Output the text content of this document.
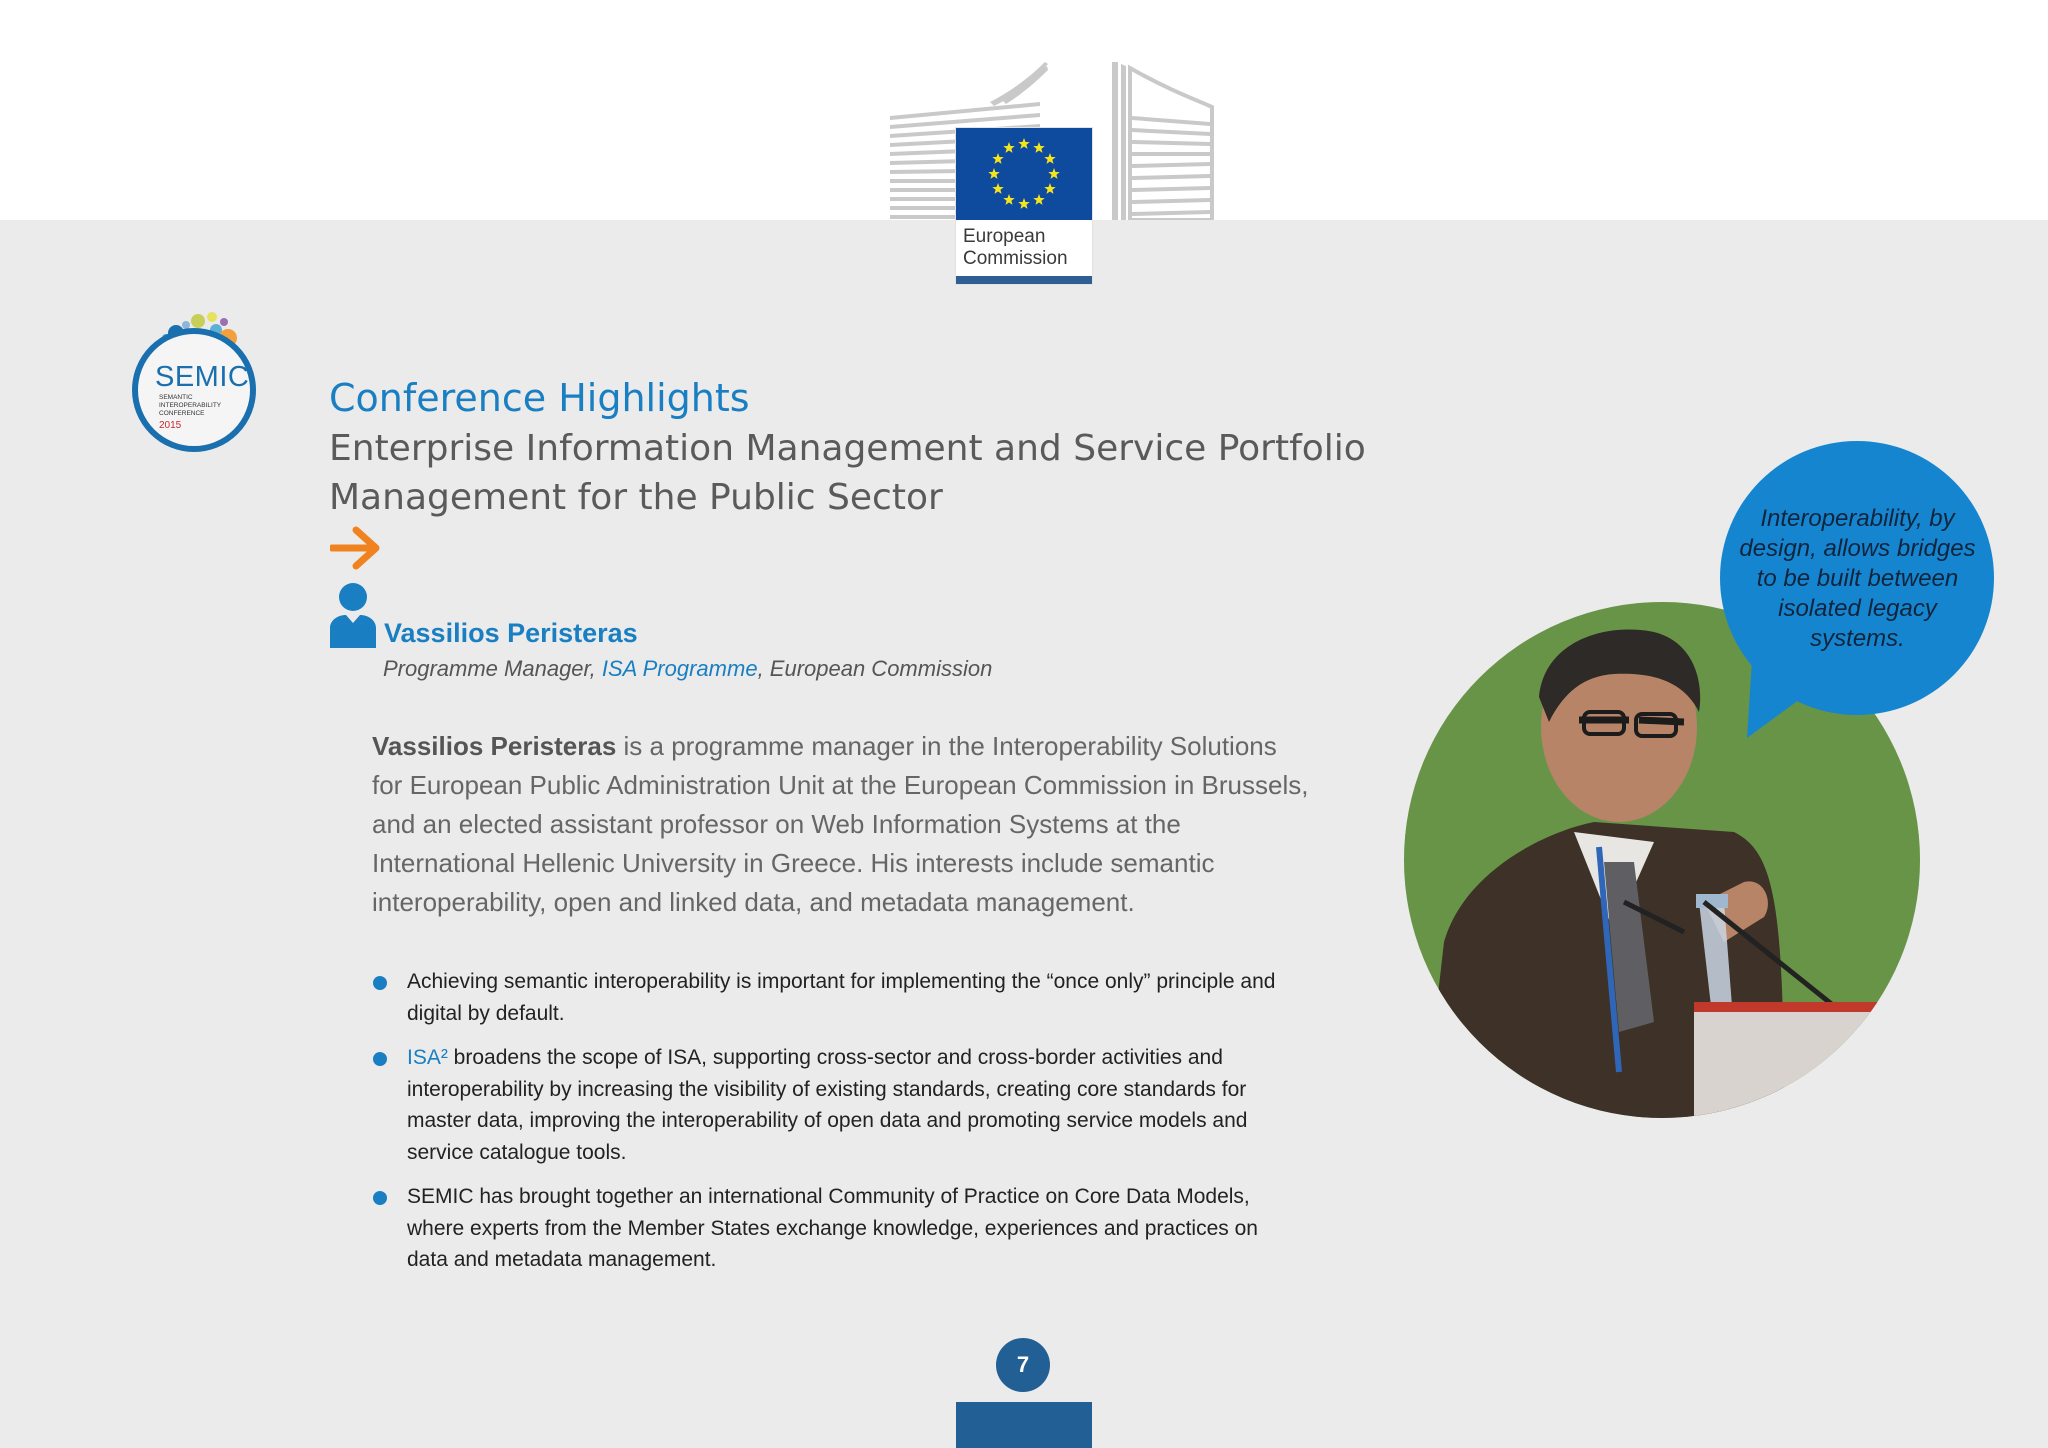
European
Commission
SEMIC
SEMANTIC
INTEROPERABILITY
CONFERENCE
2015
Conference Highlights
Enterprise Information Management and Service Portfolio Management for the Public Sector
Vassilios Peristeras
Programme Manager, ISA Programme, European Commission

Vassilios Peristeras is a programme manager in the Interoperability Solutions for European Public Administration Unit at the European Commission in Brussels, and an elected assistant professor on Web Information Systems at the International Hellenic University in Greece. His interests include semantic interoperability, open and linked data, and metadata management.

Achieving semantic interoperability is important for implementing the “once only” principle and digital by default.
ISA² broadens the scope of ISA, supporting cross-sector and cross-border activities and interoperability by increasing the visibility of existing standards, creating core standards for master data, improving the interoperability of open data and promoting service models and service catalogue tools.
SEMIC has brought together an international Community of Practice on Core Data Models, where experts from the Member States exchange knowledge, experiences and practices on data and metadata management.
Interoperability, by design, allows bridges to be built between isolated legacy systems.
7
